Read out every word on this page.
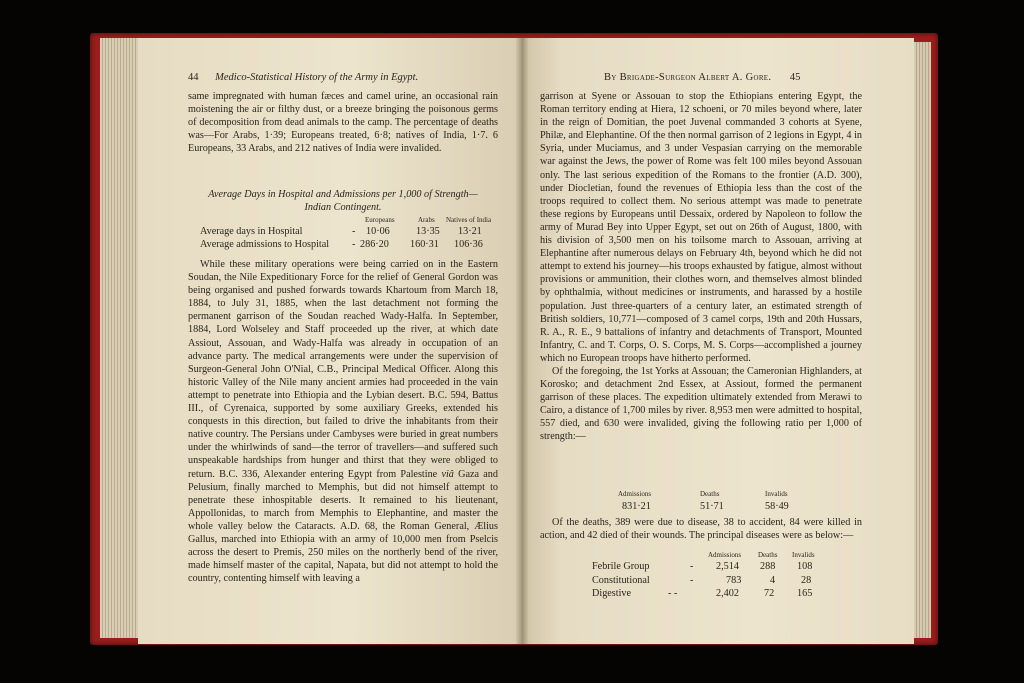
44 Medico-Statistical History of the Army in Egypt.

same impregnated with human fæces and camel urine, an occasional rain moistening the air or filthy dust, or a breeze bringing the poisonous germs of decomposition from dead animals to the camp. The percentage of deaths was—For Arabs, 1·39; Europeans treated, 6·8; natives of India, 1·7. 6 Europeans, 33 Arabs, and 212 natives of India were invalided.

Average Days in Hospital and Admissions per 1,000 of Strength—
Indian Contingent.
Europeans	Arabs Natives of India
Average days in Hospital	- 10·06	13·35 13·21
Average admissions to Hospital - 286·20 160·31 106·36

While these military operations were being carried on in the Eastern Soudan, the Nile Expeditionary Force for the relief of General Gordon was being organised and pushed forwards towards Khartoum from March 18, 1884, to July 31, 1885, when the last detachment not forming the permanent garrison of the Soudan reached Wady-Halfa. In September, 1884, Lord Wolseley and Staff proceeded up the river, at which date Assiout, Assouan, and Wady-Halfa was already in occupation of an advance party. The medical arrangements were under the supervision of Surgeon-General John O'Nial, C.B., Principal Medical Officer. Along this historic Valley of the Nile many ancient armies had proceeded in the vain attempt to penetrate into Ethiopia and the Lybian desert. B.C. 594, Battus III., of Cyrenaica, supported by some auxiliary Greeks, extended his conquests in this direction, but failed to drive the inhabitants from their native country. The Persians under Cambyses were buried in great numbers under the whirlwinds of sand—the terror of travellers—and suffered such unspeakable hardships from hunger and thirst that they were obliged to return. B.C. 336, Alexander entering Egypt from Palestine viâ Gaza and Pelusium, finally marched to Memphis, but did not himself attempt to penetrate these inhospitable deserts. It remained to his lieutenant, Appollonidas, to march from Memphis to Elephantine, and master the whole valley below the Cataracts. A.D. 68, the Roman General, Ælius Gallus, marched into Ethiopia with an army of 10,000 men from Pselcis across the desert to Premis, 250 miles on the northerly bend of the river, made himself master of the capital, Napata, but did not attempt to hold the country, contenting himself with leaving a

By Brigade-Surgeon Albert A. Gore. 45

garrison at Syene or Assouan to stop the Ethiopians entering Egypt, the Roman territory ending at Hiera, 12 schoeni, or 70 miles beyond where, later in the reign of Domitian, the poet Juvenal commanded 3 cohorts at Syene, Philæ, and Elephantine. Of the then normal garrison of 2 legions in Egypt, 4 in Syria, under Muciamus, and 3 under Vespasian carrying on the memorable war against the Jews, the power of Rome was felt 100 miles beyond Assouan only. The last serious expedition of the Romans to the frontier (A.D. 300), under Diocletian, found the revenues of Ethiopia less than the cost of the troops required to collect them. No serious attempt was made to penetrate these regions by Europeans until Dessaix, ordered by Napoleon to follow the army of Murad Bey into Upper Egypt, set out on 26th of August, 1800, with his division of 3,500 men on his toilsome march to Assouan, arriving at Elephantine after numerous delays on February 4th, beyond which he did not attempt to extend his journey—his troops exhausted by fatigue, almost without provisions or ammunition, their clothes worn, and themselves almost blinded by ophthalmia, without medicines or instruments, and harassed by a hostile population. Just three-quarters of a century later, an estimated strength of British soldiers, 10,771—composed of 3 camel corps, 19th and 20th Hussars, R. A., R. E., 9 battalions of infantry and detachments of Transport, Mounted Infantry, C. and T. Corps, O. S. Corps, M. S. Corps—accomplished a journey which no European troops have hitherto performed.

Of the foregoing, the 1st Yorks at Assouan; the Cameronian Highlanders, at Korosko; and detachment 2nd Essex, at Assiout, formed the permanent garrison of these places. The expedition ultimately extended from Merawi to Cairo, a distance of 1,700 miles by river. 8,953 men were admitted to hospital, 557 died, and 630 were invalided, giving the following ratio per 1,000 of strength:—

Admissions	Deaths	Invalids
831·21	51·71	58·49

Of the deaths, 389 were due to disease, 38 to accident, 84 were killed in action, and 42 died of their wounds. The principal diseases were as below:—

Admissions Deaths Invalids
Febrile Group	- 2,514 288 108
Constitutional	-	783	4	28
Digestive	- -	2,402 72 165
